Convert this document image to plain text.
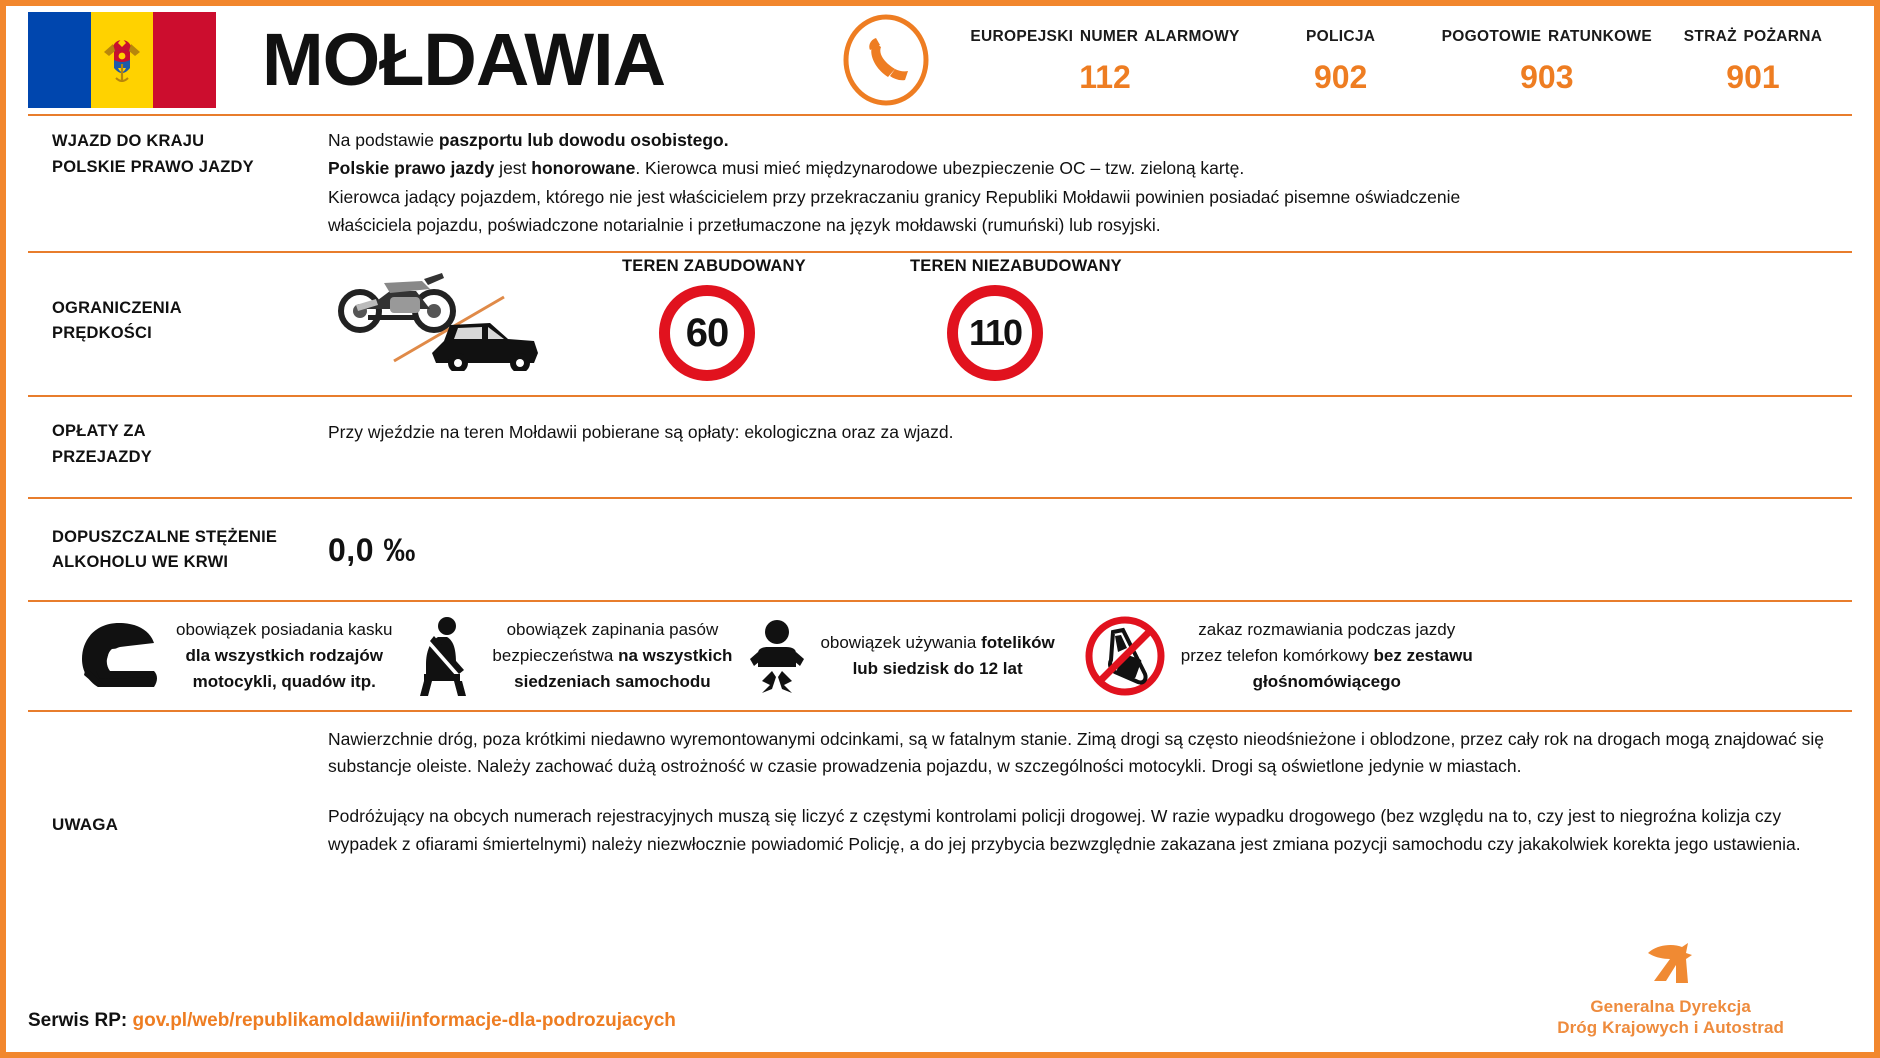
MOŁDAWIA	EUROPEJSKI NUMER ALARMOWY
112
POLICJA
902
POGOTOWIE RATUNKOWE
903
STRAŻ POŻARNA
901
WJAZD DO KRAJU
POLSKIE PRAWO JAZDY
Na podstawie paszportu lub dowodu osobistego.
Polskie prawo jazdy jest honorowane. Kierowca musi mieć międzynarodowe ubezpieczenie OC – tzw. zieloną kartę.
Kierowca jadący pojazdem, którego nie jest właścicielem przy przekraczaniu granicy Republiki Mołdawii powinien posiadać pisemne oświadczenie
właściciela pojazdu, poświadczone notarialnie i przetłumaczone na język mołdawski (rumuński) lub rosyjski.
OGRANICZENIA
PRĘDKOŚCI
TEREN ZABUDOWANY
60
TEREN NIEZABUDOWANY
110
OPŁATY ZA
PRZEJAZDY
Przy wjeździe na teren Mołdawii pobierane są opłaty: ekologiczna oraz za wjazd.
DOPUSZCZALNE STĘŻENIE
ALKOHOLU WE KRWI	0,0 ‰
obowiązek posiadania kasku
dla wszystkich rodzajów
motocykli, quadów itp.
obowiązek zapinania pasów
bezpieczeństwa na wszystkich
siedzeniach samochodu
obowiązek używania fotelików
lub siedzisk do 12 lat
zakaz rozmawiania podczas jazdy
przez telefon komórkowy bez zestawu
głośnomówiącego
UWAGA

Nawierzchnie dróg, poza krótkimi niedawno wyremontowanymi odcinkami, są w fatalnym stanie. Zimą drogi są często nieodśnieżone i oblodzone, przez cały rok na drogach mogą znajdować się substancje oleiste. Należy zachować dużą ostrożność w czasie prowadzenia pojazdu, w szczególności motocykli. Drogi są oświetlone jedynie w miastach.

Podróżujący na obcych numerach rejestracyjnych muszą się liczyć z częstymi kontrolami policji drogowej. W razie wypadku drogowego (bez względu na to, czy jest to niegroźna kolizja czy wypadek z ofiarami śmiertelnymi) należy niezwłocznie powiadomić Policję, a do jej przybycia bezwzględnie zakazana jest zmiana pozycji samochodu czy jakakolwiek korekta jego ustawienia.

Serwis RP: gov.pl/web/republikamoldawii/informacje-dla-podrozujacych
Generalna Dyrekcja
Dróg Krajowych i Autostrad
